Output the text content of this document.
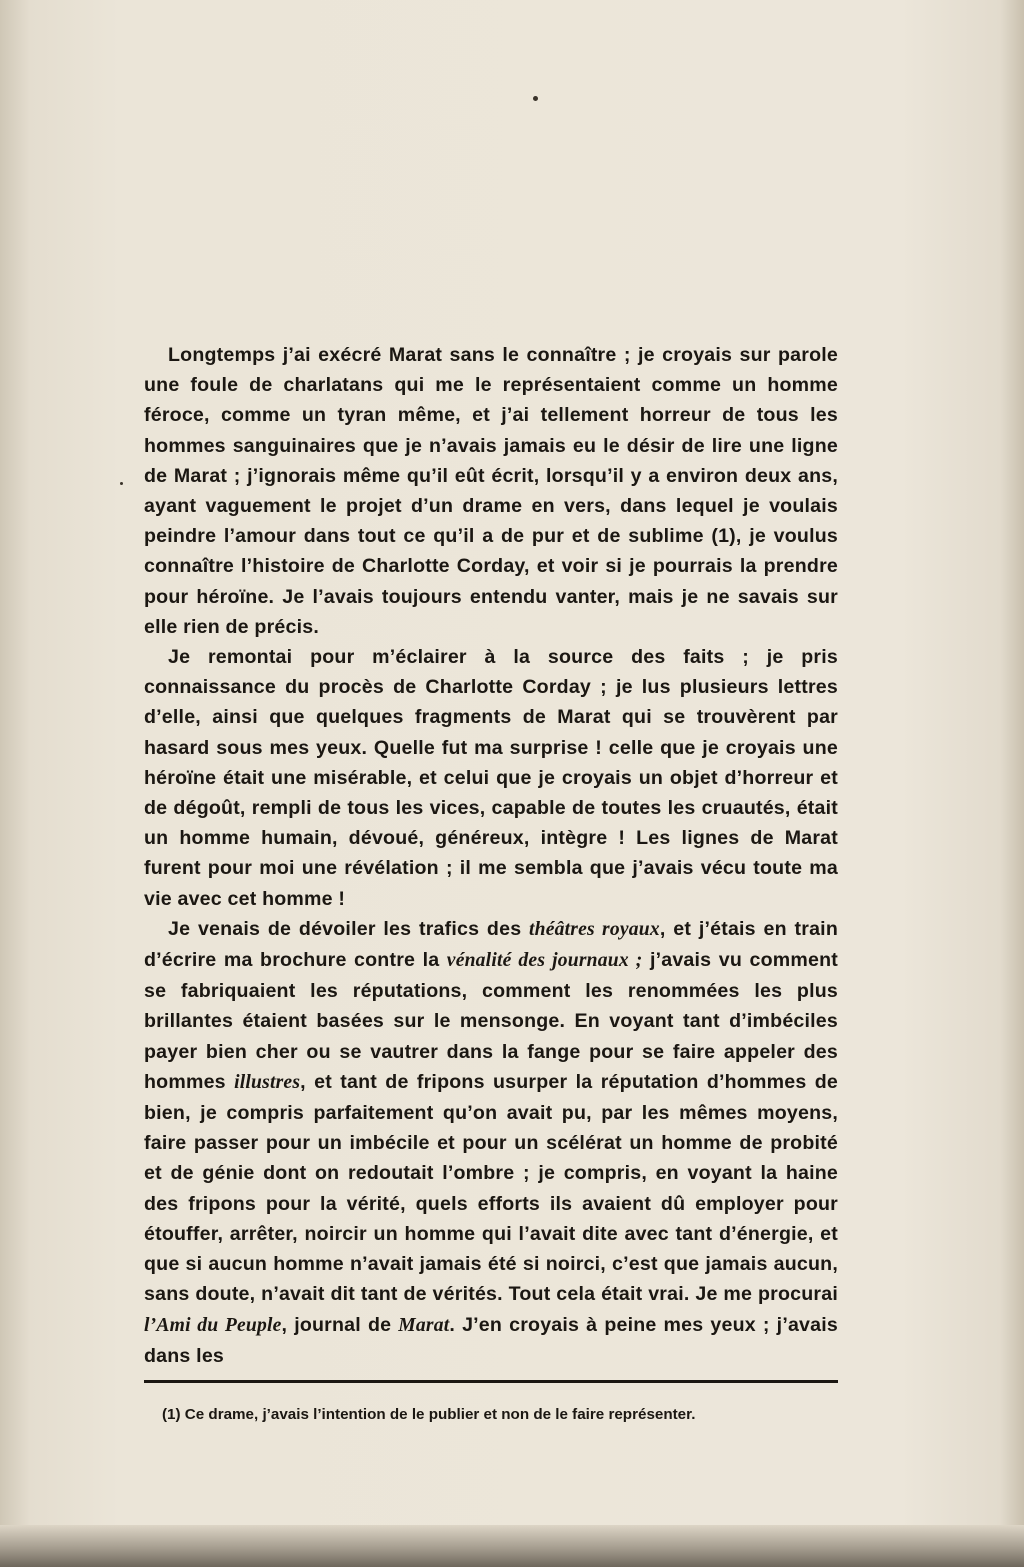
Longtemps j’ai exécré Marat sans le connaître ; je croyais sur parole une foule de charlatans qui me le représentaient comme un homme féroce, comme un tyran même, et j’ai tellement horreur de tous les hommes sanguinaires que je n’avais jamais eu le désir de lire une ligne de Marat ; j’ignorais même qu’il eût écrit, lorsqu’il y a environ deux ans, ayant vaguement le projet d’un drame en vers, dans lequel je voulais peindre l’amour dans tout ce qu’il a de pur et de sublime (1), je voulus connaître l’histoire de Charlotte Corday, et voir si je pourrais la prendre pour héroïne. Je l’avais toujours entendu vanter, mais je ne savais sur elle rien de précis.

Je remontai pour m’éclairer à la source des faits ; je pris connaissance du procès de Charlotte Corday ; je lus plusieurs lettres d’elle, ainsi que quelques fragments de Marat qui se trouvèrent par hasard sous mes yeux. Quelle fut ma surprise ! celle que je croyais une héroïne était une misérable, et celui que je croyais un objet d’horreur et de dégoût, rempli de tous les vices, capable de toutes les cruautés, était un homme humain, dévoué, généreux, intègre ! Les lignes de Marat furent pour moi une révélation ; il me sembla que j’avais vécu toute ma vie avec cet homme !

Je venais de dévoiler les trafics des théâtres royaux, et j’étais en train d’écrire ma brochure contre la vénalité des journaux ; j’avais vu comment se fabriquaient les réputations, comment les renommées les plus brillantes étaient basées sur le mensonge. En voyant tant d’imbéciles payer bien cher ou se vautrer dans la fange pour se faire appeler des hommes illustres, et tant de fripons usurper la réputation d’hommes de bien, je compris parfaitement qu’on avait pu, par les mêmes moyens, faire passer pour un imbécile et pour un scélérat un homme de probité et de génie dont on redoutait l’ombre ; je compris, en voyant la haine des fripons pour la vérité, quels efforts ils avaient dû employer pour étouffer, arrêter, noircir un homme qui l’avait dite avec tant d’énergie, et que si aucun homme n’avait jamais été si noirci, c’est que jamais aucun, sans doute, n’avait dit tant de vérités. Tout cela était vrai. Je me procurai l’Ami du Peuple, journal de Marat. J’en croyais à peine mes yeux ; j’avais dans les

(1) Ce drame, j’avais l’intention de le publier et non de le faire représenter.
